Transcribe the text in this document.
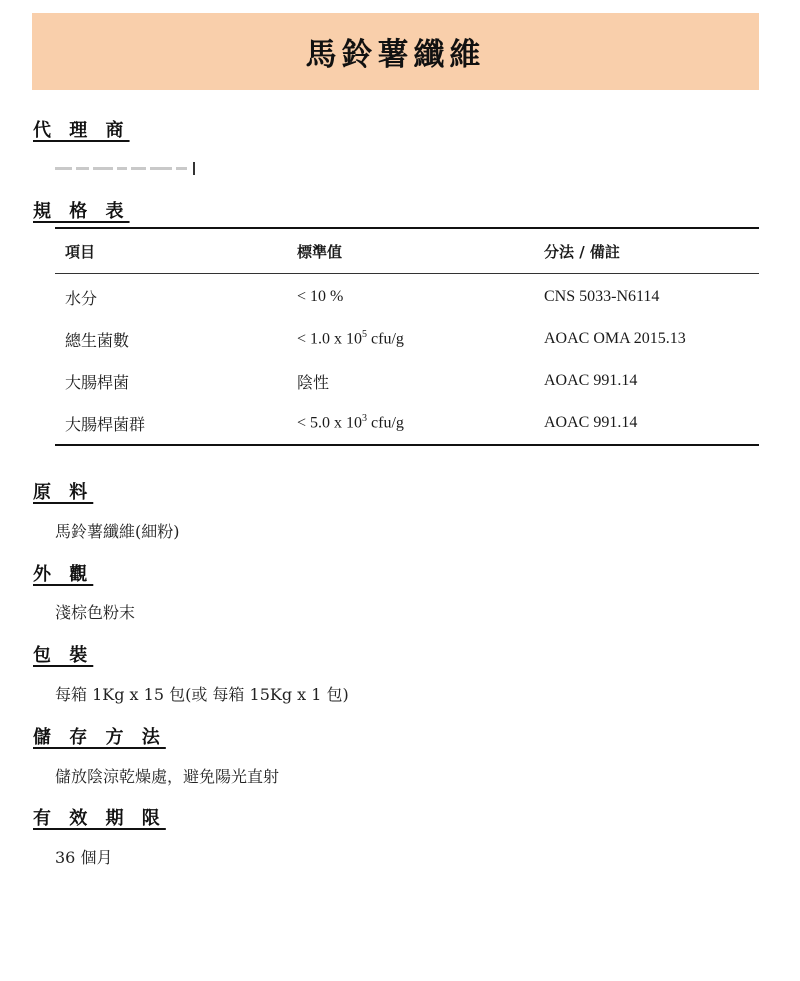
馬鈴薯纖維
代 理 商
規 格 表
項目	標準值	分法 / 備註
水分	< 10 %	CNS 5033-N6114
總生菌數	< 1.0 x $10^5$ cfu/g	AOAC OMA 2015.13
大腸桿菌	陰性	AOAC 991.14
大腸桿菌群	< 5.0 x $10^3$ cfu/g	AOAC 991.14
原 料
馬鈴薯纖維(細粉)
外 觀
淺棕色粉末
包 裝
每箱 1Kg x 15 包(或 每箱 15Kg x 1 包)
儲 存 方 法
儲放陰涼乾燥處，避免陽光直射
有 效 期 限
36 個月
